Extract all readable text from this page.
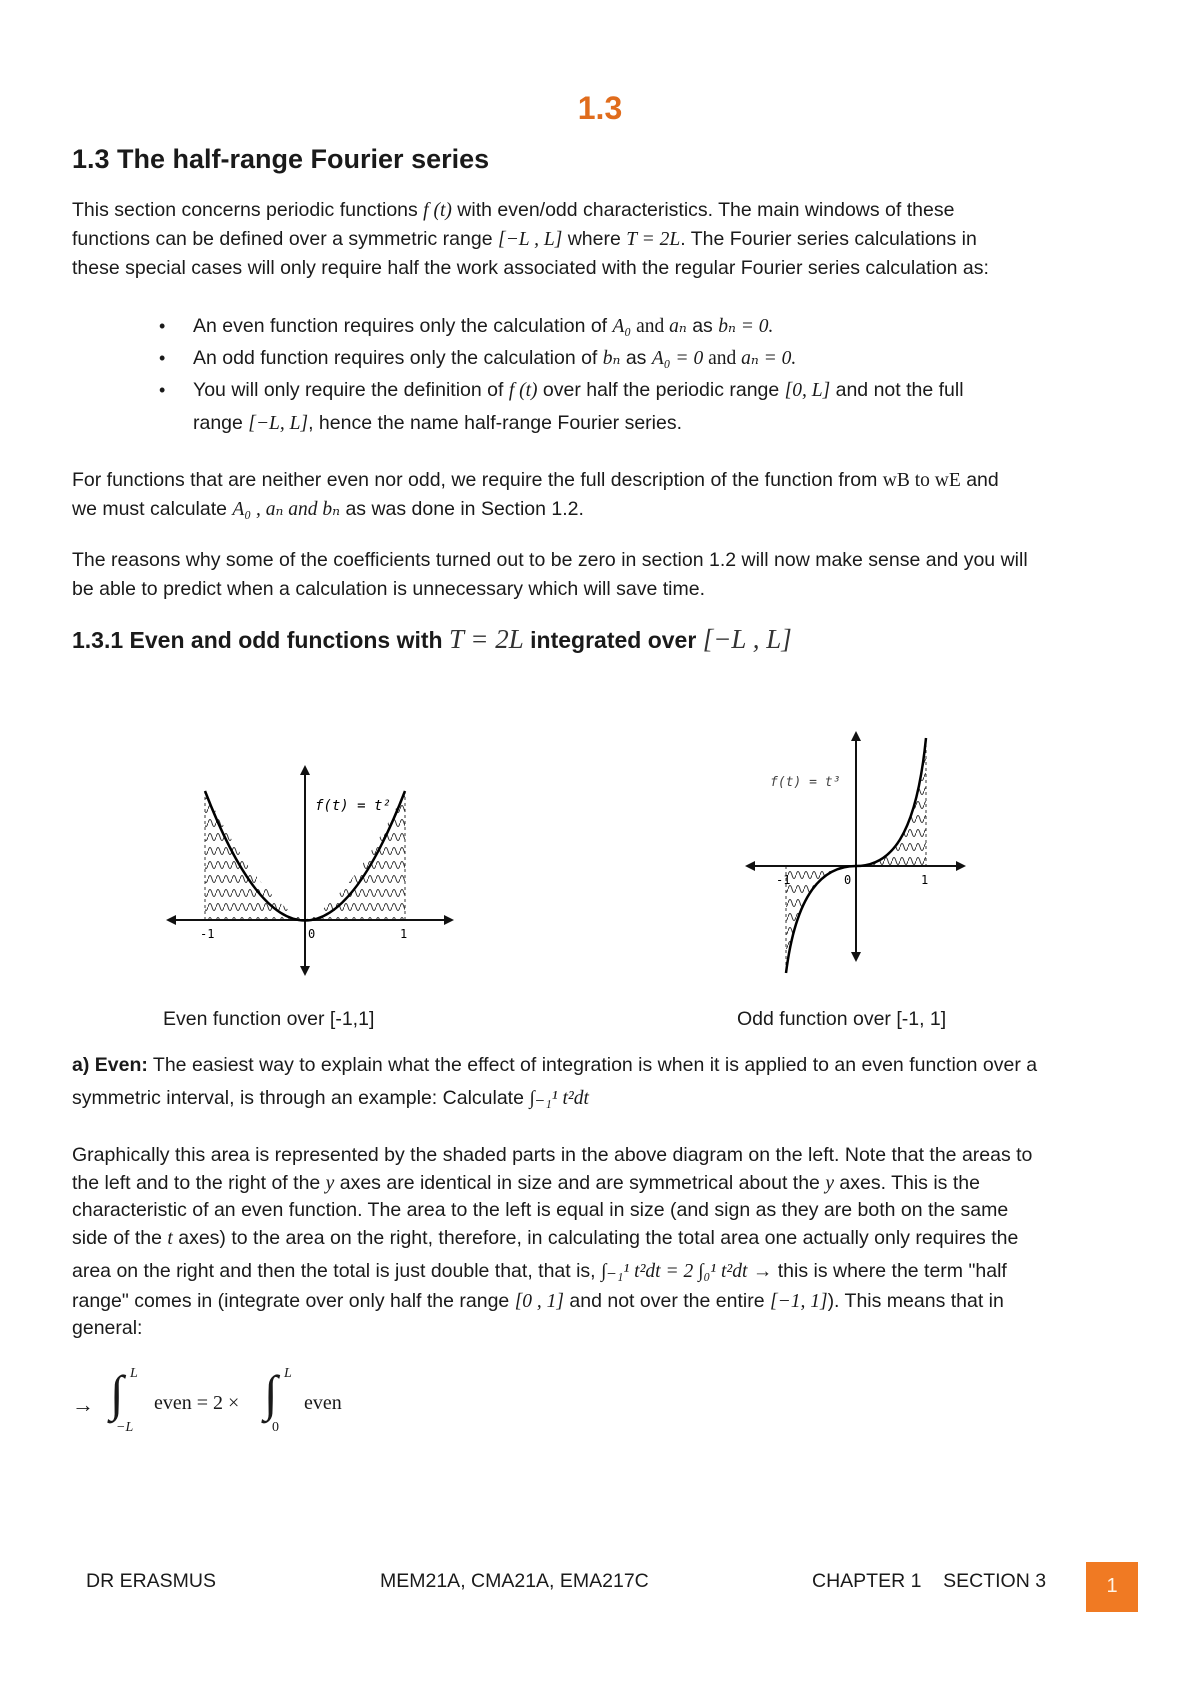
1.3
1.3 The half-range Fourier series
This section concerns periodic functions f (t) with even/odd characteristics. The main windows of these
functions can be defined over a symmetric range [−L , L] where T = 2L. The Fourier series calculations in
these special cases will only require half the work associated with the regular Fourier series calculation as:
• An even function requires only the calculation of A₀ and aₙ as bₙ = 0.
• An odd function requires only the calculation of bₙ as A₀ = 0 and aₙ = 0.
• You will only require the definition of f (t) over half the periodic range [0, L] and not the full
range [−L, L], hence the name half-range Fourier series.
For functions that are neither even nor odd, we require the full description of the function from wB to wE and
we must calculate A₀ , aₙ and bₙ as was done in Section 1.2.
The reasons why some of the coefficients turned out to be zero in section 1.2 will now make sense and you will
be able to predict when a calculation is unnecessary which will save time.
1.3.1 Even and odd functions with T = 2L integrated over [−L , L]
f(t) = t²
-1	0	1
f(t) = t³
-1	0	1
Even function over [-1,1]	Odd function over [-1, 1]
a) Even: The easiest way to explain what the effect of integration is when it is applied to an even function over a
symmetric interval, is through an example: Calculate ∫₋₁¹ t²dt
Graphically this area is represented by the shaded parts in the above diagram on the left. Note that the areas to
the left and to the right of the y axes are identical in size and are symmetrical about the y axes. This is the
characteristic of an even function. The area to the left is equal in size (and sign as they are both on the same
side of the t axes) to the area on the right, therefore, in calculating the total area one actually only requires the
area on the right and then the total is just double that, that is, ∫₋₁¹ t²dt = 2 ∫₀¹ t²dt → this is where the term "half
range" comes in (integrate over only half the range [0 , 1] and not over the entire [−1, 1]). This means that in
general:
→ ∫ L
−L
even = 2 × ∫ L
0
even
DR ERASMUS	MEM21A, CMA21A, EMA217C	CHAPTER 1    SECTION 3	1
